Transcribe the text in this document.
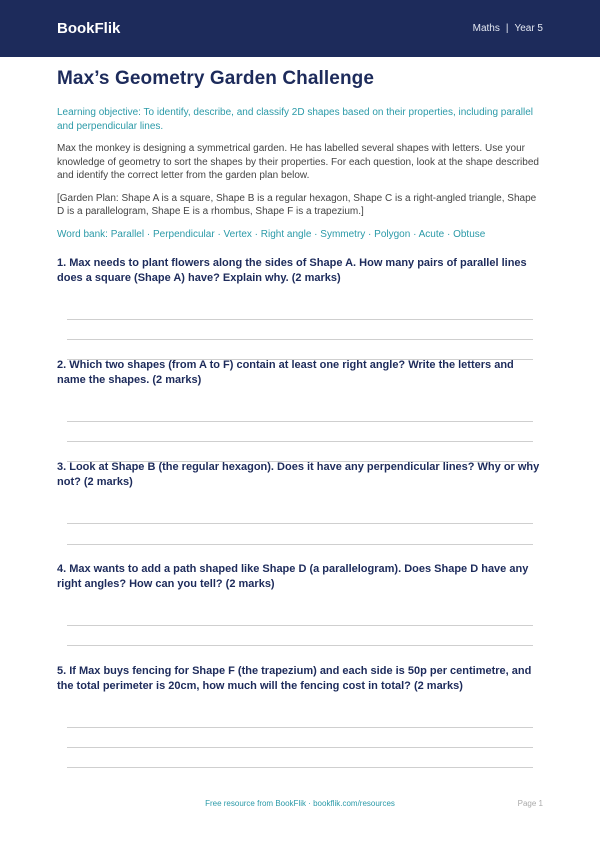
BookFlik	Maths | Year 5
Max’s Geometry Garden Challenge

Learning objective: To identify, describe, and classify 2D shapes based on their properties, including parallel and perpendicular lines.

Max the monkey is designing a symmetrical garden. He has labelled several shapes with letters. Use your knowledge of geometry to sort the shapes by their properties. For each question, look at the shape described and identify the correct letter from the garden plan below.

[Garden Plan: Shape A is a square, Shape B is a regular hexagon, Shape C is a right-angled triangle, Shape D is a parallelogram, Shape E is a rhombus, Shape F is a trapezium.]

Word bank: Parallel · Perpendicular · Vertex · Right angle · Symmetry · Polygon · Acute · Obtuse

1. Max needs to plant flowers along the sides of Shape A. How many pairs of parallel lines does a square (Shape A) have? Explain why. (2 marks)

2. Which two shapes (from A to F) contain at least one right angle? Write the letters and name the shapes. (2 marks)

3. Look at Shape B (the regular hexagon). Does it have any perpendicular lines? Why or why not? (2 marks)

4. Max wants to add a path shaped like Shape D (a parallelogram). Does Shape D have any right angles? How can you tell? (2 marks)

5. If Max buys fencing for Shape F (the trapezium) and each side is 50p per centimetre, and the total perimeter is 20cm, how much will the fencing cost in total? (2 marks)

Free resource from BookFlik · bookflik.com/resources	Page 1
